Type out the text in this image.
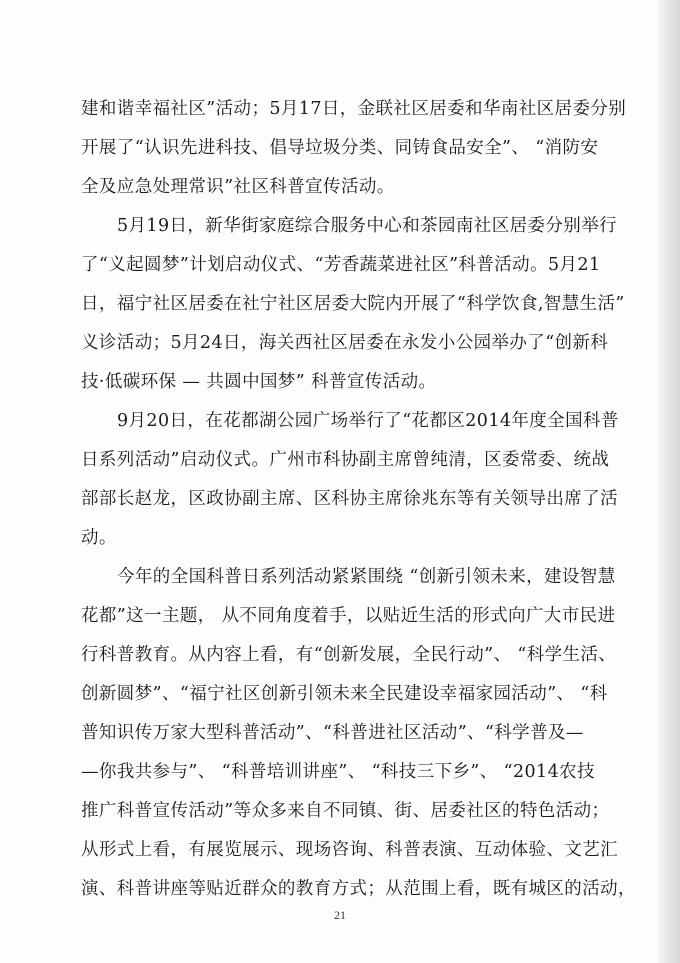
建和谐幸福社区”活动；5月17日，金联社区居委和华南社区居委分别
开展了“认识先进科技、倡导垃圾分类、同铸食品安全”、 “消防安
全及应急处理常识”社区科普宣传活动。
5月19日，新华街家庭综合服务中心和茶园南社区居委分别举行
了“义起圆梦”计划启动仪式、“芳香蔬菜进社区”科普活动。5月21
日，福宁社区居委在社宁社区居委大院内开展了“科学饮食,智慧生活”
义诊活动；5月24日，海关西社区居委在永发小公园举办了“创新科
技·低碳环保 — 共圆中国梦” 科普宣传活动。
9月20日，在花都湖公园广场举行了“花都区2014年度全国科普
日系列活动”启动仪式。广州市科协副主席曾纯清，区委常委、统战
部部长赵龙，区政协副主席、区科协主席徐兆东等有关领导出席了活
动。
今年的全国科普日系列活动紧紧围绕 “创新引领未来，建设智慧
花都”这一主题， 从不同角度着手，以贴近生活的形式向广大市民进
行科普教育。从内容上看，有“创新发展，全民行动”、 “科学生活、
创新圆梦”、“福宁社区创新引领未来全民建设幸福家园活动”、 “科
普知识传万家大型科普活动”、“科普进社区活动”、“科学普及—
—你我共参与”、 “科普培训讲座”、 “科技三下乡”、 “2014农技
推广科普宣传活动”等众多来自不同镇、街、居委社区的特色活动；
从形式上看，有展览展示、现场咨询、科普表演、互动体验、文艺汇
演、科普讲座等贴近群众的教育方式；从范围上看，既有城区的活动，
21
